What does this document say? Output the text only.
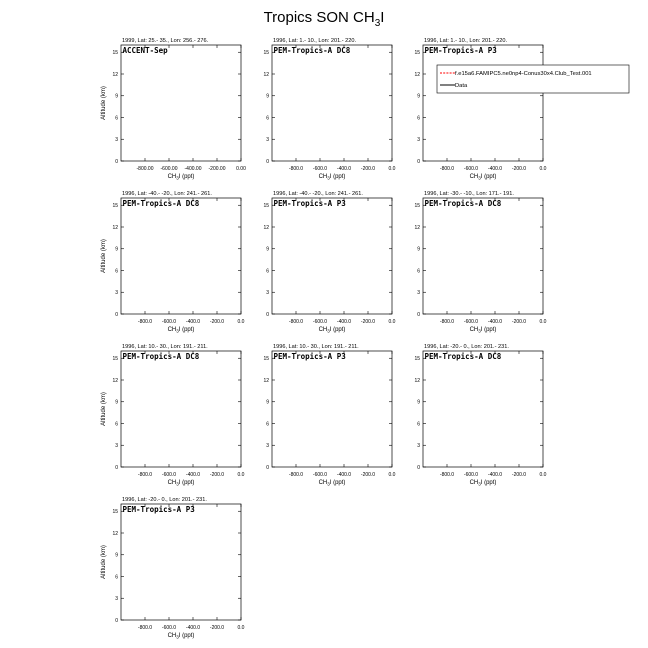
Tropics SON $CH_3I$
1999, Lat: 25.- 35., Lon: 256.- 276.
ACCENT-Sep
-800.00 -600.00 -400.00 -200.00 0.00
0
3
6
9
12
15
$CH_3I$ (ppt)
Altitude (km)
1996, Lat: 1.- 10., Lon: 201.- 220.
PEM-Tropics-A DC8
-800.0 -600.0 -400.0 -200.0	0.0
0
3
6
9
12
15
$CH_3I$ (ppt)
1996, Lat: 1.- 10., Lon: 201.- 220.
PEM-Tropics-A P3
-800.0 -600.0 -400.0 -200.0	0.0
0
3
6
9
12
15
$CH_3I$ (ppt)
f.e15a6.FAMIPC5.ne0np4-Conus30x4.Club_Test.001
Data
1996, Lat: -40.- -20., Lon: 241.- 261.
PEM-Tropics-A DC8
-800.0 -600.0 -400.0 -200.0	0.0
0
3
6
9
12
15
$CH_3I$ (ppt)
Altitude (km)
1996, Lat: -40.- -20., Lon: 241.- 261.
PEM-Tropics-A P3
-800.0 -600.0 -400.0 -200.0	0.0
0
3
6
9
12
15
$CH_3I$ (ppt)
1996, Lat: -30.- -10., Lon: 171.- 191.
PEM-Tropics-A DC8
-800.0 -600.0 -400.0 -200.0	0.0
0
3
6
9
12
15
$CH_3I$ (ppt)
1996, Lat: 10.- 30., Lon: 191.- 211.
PEM-Tropics-A DC8
-800.0 -600.0 -400.0 -200.0	0.0
0
3
6
9
12
15
$CH_3I$ (ppt)
Altitude (km)
1996, Lat: 10.- 30., Lon: 191.- 211.
PEM-Tropics-A P3
-800.0 -600.0 -400.0 -200.0	0.0
0
3
6
9
12
15
$CH_3I$ (ppt)
1996, Lat: -20.- 0., Lon: 201.- 231.
PEM-Tropics-A DC8
-800.0 -600.0 -400.0 -200.0	0.0
0
3
6
9
12
15
$CH_3I$ (ppt)
1996, Lat: -20.- 0., Lon: 201.- 231.
PEM-Tropics-A P3
-800.0 -600.0 -400.0 -200.0	0.0
0
3
6
9
12
15
$CH_3I$ (ppt)
Altitude (km)
